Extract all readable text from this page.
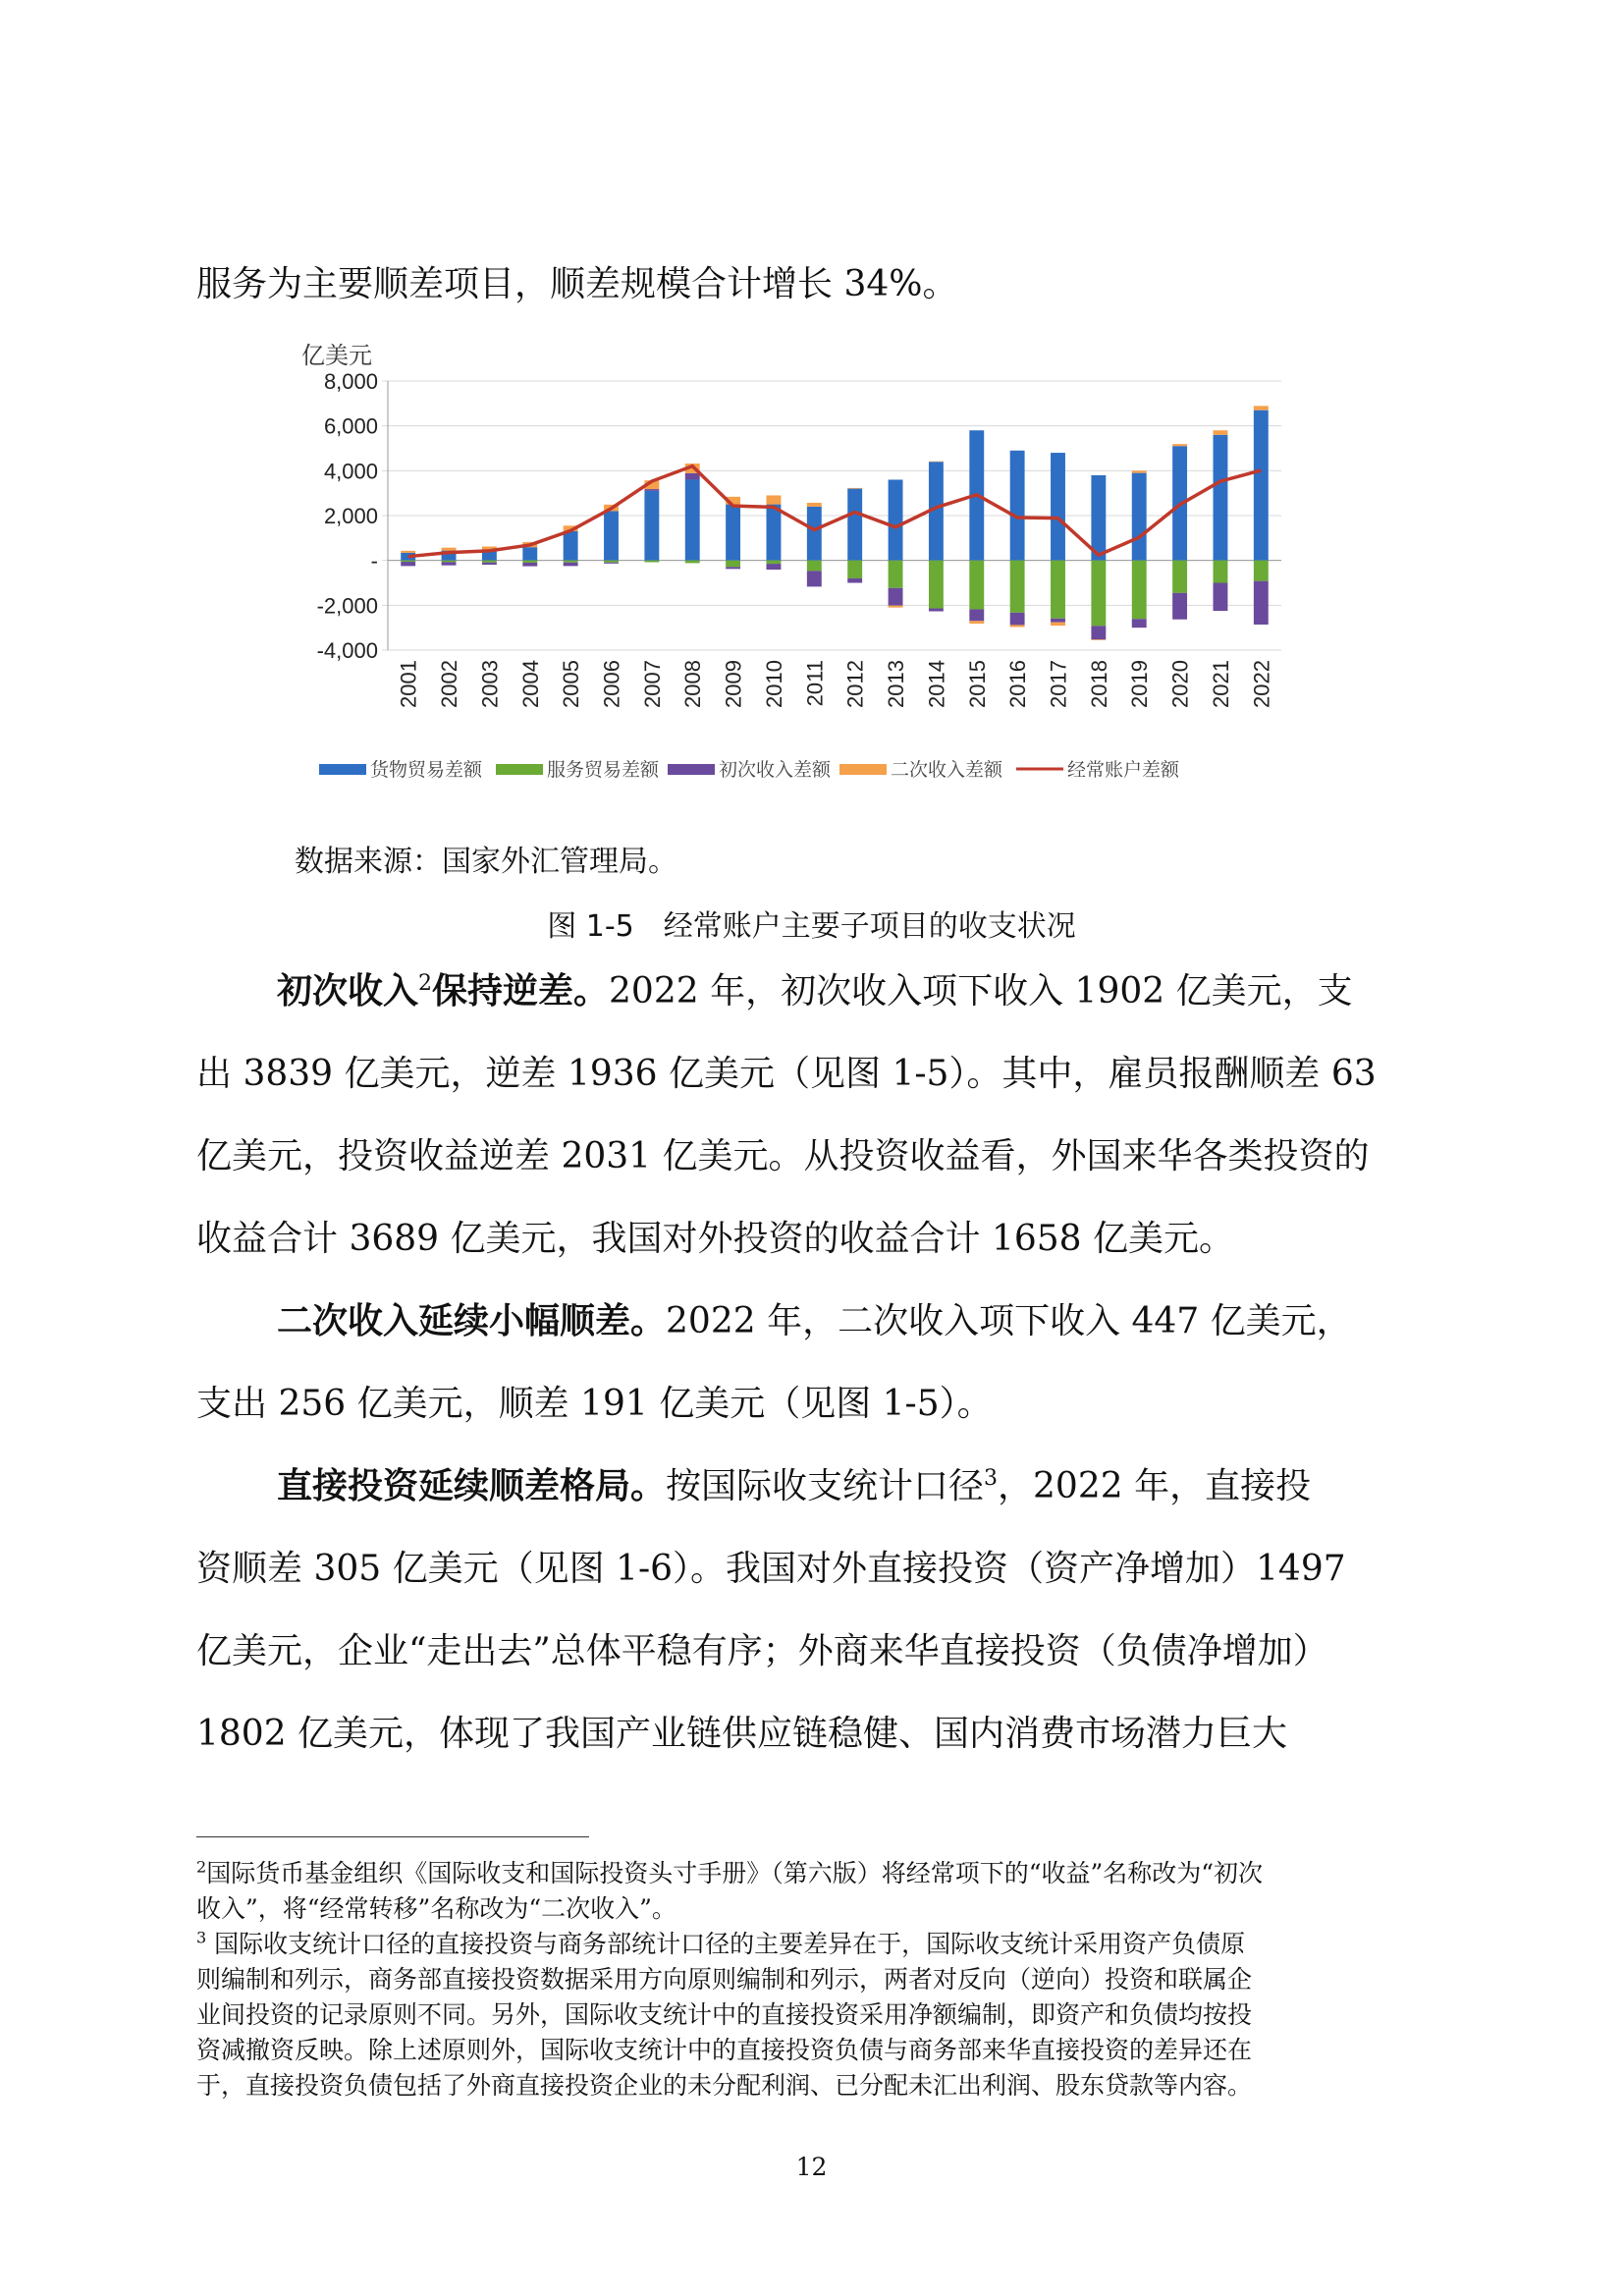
服务为主要顺差项目，顺差规模合计增长 34%。
亿美元
8,000
6,000
4,000
2,000
-
-2,000
-4,000
2001 2002 2003 2004 2005 2006 2007 2008 2009 2010 2011 2012 2013 2014 2015 2016 2017 2018 2019 2020 2021 2022
货物贸易差额	服务贸易差额	初次收入差额	二次收入差额	经常账户差额
数据来源：国家外汇管理局。
图 1-5　经常账户主要子项目的收支状况
初次收入$^2$保持逆差。2022 年，初次收入项下收入 1902 亿美元，支
出 3839 亿美元，逆差 1936 亿美元（见图 1-5）。其中，雇员报酬顺差 63
亿美元，投资收益逆差 2031 亿美元。从投资收益看，外国来华各类投资的
收益合计 3689 亿美元，我国对外投资的收益合计 1658 亿美元。
二次收入延续小幅顺差。2022 年，二次收入项下收入 447 亿美元，
支出 256 亿美元，顺差 191 亿美元（见图 1-5）。
直接投资延续顺差格局。按国际收支统计口径$^3$，2022 年，直接投
资顺差 305 亿美元（见图 1-6）。我国对外直接投资（资产净增加）1497
亿美元，企业“走出去”总体平稳有序；外商来华直接投资（负债净增加）
1802 亿美元，体现了我国产业链供应链稳健、国内消费市场潜力巨大
$^2$国际货币基金组织《国际收支和国际投资头寸手册》（第六版）将经常项下的“收益”名称改为“初次
收入”，将“经常转移”名称改为“二次收入”。
$^3$ 国际收支统计口径的直接投资与商务部统计口径的主要差异在于，国际收支统计采用资产负债原
则编制和列示，商务部直接投资数据采用方向原则编制和列示，两者对反向（逆向）投资和联属企
业间投资的记录原则不同。另外，国际收支统计中的直接投资采用净额编制，即资产和负债均按投
资减撤资反映。除上述原则外，国际收支统计中的直接投资负债与商务部来华直接投资的差异还在
于，直接投资负债包括了外商直接投资企业的未分配利润、已分配未汇出利润、股东贷款等内容。
12
